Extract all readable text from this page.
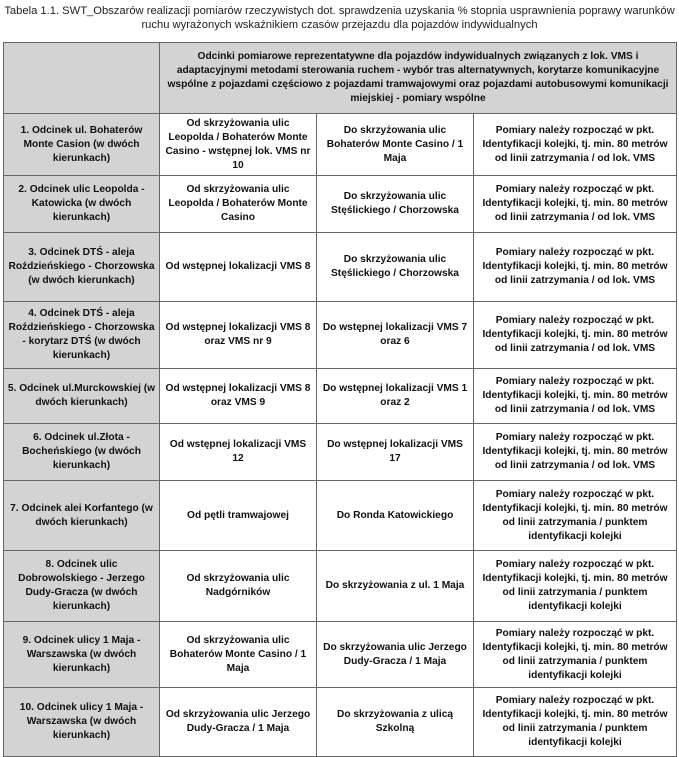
Tabela 1.1. SWT_Obszarów realizacji pomiarów rzeczywistych dot. sprawdzenia uzyskania % stopnia usprawnienia poprawy warunków ruchu wyrażonych wskaźnikiem czasów przejazdu dla pojazdów indywidualnych
	Odcinki pomiarowe reprezentatywne dla pojazdów indywidualnych związanych z lok. VMS i adaptacyjnymi metodami sterowania ruchem - wybór tras alternatywnych, korytarze komunikacyjne wspólne z pojazdami częściowo z pojazdami tramwajowymi oraz pojazdami autobusowymi komunikacji miejskiej - pomiary wspólne		
1. Odcinek ul. Bohaterów Monte Casion (w dwóch kierunkach)	Od skrzyżowania ulic Leopolda / Bohaterów Monte Casino - wstępnej lok. VMS nr 10	Do skrzyżowania ulic Bohaterów Monte Casino / 1 Maja	Pomiary należy rozpocząć w pkt. Identyfikacji kolejki, tj. min. 80 metrów od linii zatrzymania / od lok. VMS
2. Odcinek ulic Leopolda - Katowicka (w dwóch kierunkach)	Od skrzyżowania ulic Leopolda / Bohaterów Monte Casino	Do skrzyżowania ulic Stęślickiego / Chorzowska	Pomiary należy rozpocząć w pkt. Identyfikacji kolejki, tj. min. 80 metrów od linii zatrzymania / od lok. VMS
3. Odcinek DTŚ - aleja Roździeńskiego - Chorzowska (w dwóch kierunkach)	Od wstępnej lokalizacji VMS 8	Do skrzyżowania ulic Stęślickiego / Chorzowska	Pomiary należy rozpocząć w pkt. Identyfikacji kolejki, tj. min. 80 metrów od linii zatrzymania / od lok. VMS
4. Odcinek DTŚ - aleja Roździeńskiego - Chorzowska - korytarz DTŚ (w dwóch kierunkach)	Od wstępnej lokalizacji VMS 8 oraz VMS nr 9	Do wstępnej lokalizacji VMS 7 oraz 6	Pomiary należy rozpocząć w pkt. Identyfikacji kolejki, tj. min. 80 metrów od linii zatrzymania / od lok. VMS
5. Odcinek ul.Murckowskiej (w dwóch kierunkach)	Od wstępnej lokalizacji VMS 8 oraz VMS 9	Do wstępnej lokalizacji VMS 1 oraz 2	Pomiary należy rozpocząć w pkt. Identyfikacji kolejki, tj. min. 80 metrów od linii zatrzymania / od lok. VMS
6. Odcinek ul.Złota - Bocheńskiego (w dwóch kierunkach)	Od wstępnej lokalizacji VMS 12	Do wstępnej lokalizacji VMS 17	Pomiary należy rozpocząć w pkt. Identyfikacji kolejki, tj. min. 80 metrów od linii zatrzymania / od lok. VMS
7. Odcinek alei Korfantego (w dwóch kierunkach)	Od pętli tramwajowej	Do Ronda Katowickiego	Pomiary należy rozpocząć w pkt. Identyfikacji kolejki, tj. min. 80 metrów od linii zatrzymania / punktem identyfikacji kolejki
8. Odcinek ulic Dobrowolskiego - Jerzego Dudy-Gracza (w dwóch kierunkach)	Od skrzyżowania ulic Nadgórników	Do skrzyżowania z ul. 1 Maja	Pomiary należy rozpocząć w pkt. Identyfikacji kolejki, tj. min. 80 metrów od linii zatrzymania / punktem identyfikacji kolejki
9. Odcinek ulicy 1 Maja - Warszawska (w dwóch kierunkach)	Od skrzyżowania ulic Bohaterów Monte Casino / 1 Maja	Do skrzyżowania ulic Jerzego Dudy-Gracza / 1 Maja	Pomiary należy rozpocząć w pkt. Identyfikacji kolejki, tj. min. 80 metrów od linii zatrzymania / punktem identyfikacji kolejki
10. Odcinek ulicy 1 Maja - Warszawska (w dwóch kierunkach)	Od skrzyżowania ulic Jerzego Dudy-Gracza / 1 Maja	Do skrzyżowania z ulicą Szkolną	Pomiary należy rozpocząć w pkt. Identyfikacji kolejki, tj. min. 80 metrów od linii zatrzymania / punktem identyfikacji kolejki
